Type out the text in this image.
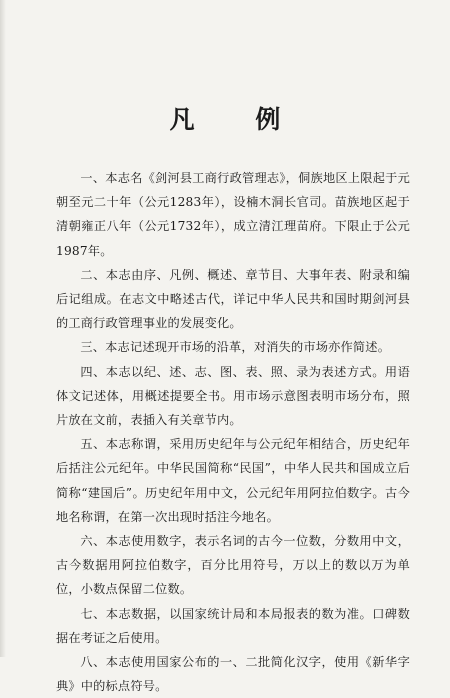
凡 例

一、本志名《剑河县工商行政管理志》，侗族地区上限起于元朝至元二十年（公元1283年），设楠木洞长官司。苗族地区起于清朝雍正八年（公元1732年），成立清江理苗府。下限止于公元1987年。

二、本志由序、凡例、概述、章节目、大事年表、附录和编后记组成。在志文中略述古代，详记中华人民共和国时期剑河县的工商行政管理事业的发展变化。

三、本志记述现开市场的沿革，对消失的市场亦作简述。

四、本志以纪、述、志、图、表、照、录为表述方式。用语体文记述体，用概述提要全书。用市场示意图表明市场分布，照片放在文前，表插入有关章节内。

五、本志称谓，采用历史纪年与公元纪年相结合，历史纪年后括注公元纪年。中华民国简称“民国”，中华人民共和国成立后简称“建国后”。历史纪年用中文，公元纪年用阿拉伯数字。古今地名称谓，在第一次出现时括注今地名。

六、本志使用数字，表示名词的古今一位数，分数用中文，古今数据用阿拉伯数字，百分比用符号，万以上的数以万为单位，小数点保留二位数。

七、本志数据，以国家统计局和本局报表的数为准。口碑数据在考证之后使用。

八、本志使用国家公布的一、二批简化汉字，使用《新华字典》中的标点符号。
